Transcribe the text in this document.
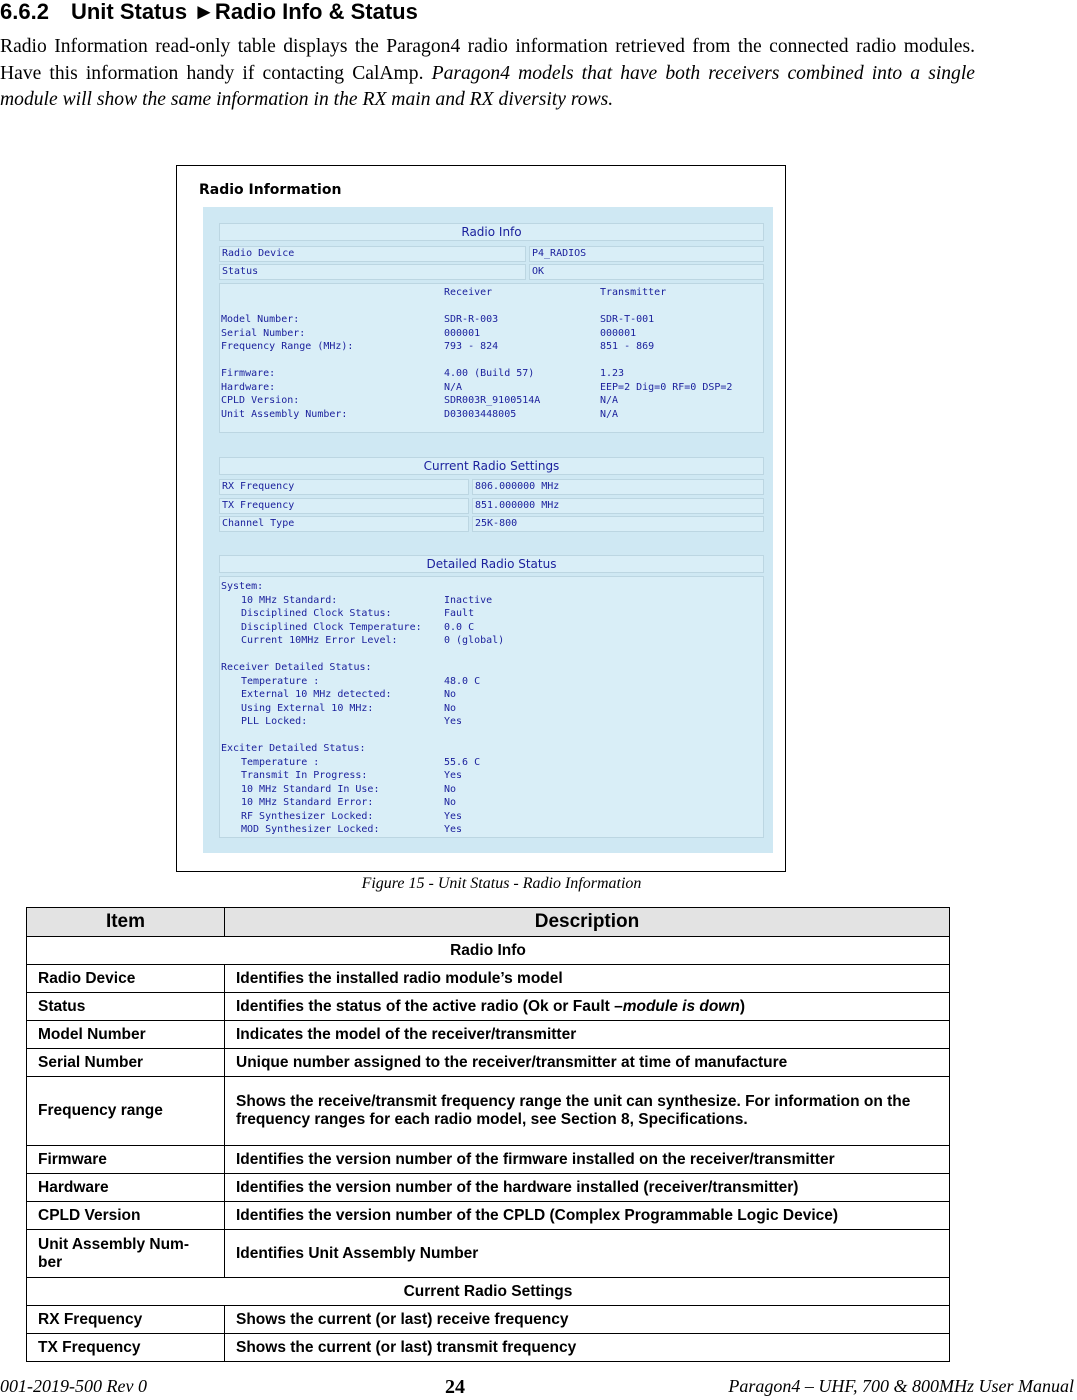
6.6.2 Unit Status ►Radio Info & Status
Radio Information read-only table displays the Paragon4 radio information retrieved from the connected radio modules. Have this information handy if contacting CalAmp. Paragon4 models that have both receivers combined into a single module will show the same information in the RX main and RX diversity rows.
Radio Information
Radio Info
Radio Device	P4_RADIOS
Status	OK
Receiver	Transmitter
Model Number:	SDR-R-003	SDR-T-001
Serial Number:	000001	000001
Frequency Range (MHz):	793 - 824	851 - 869
Firmware:	4.00 (Build 57)	1.23
Hardware:	N/A	EEP=2 Dig=0 RF=0 DSP=2
CPLD Version:	SDR003R_9100514A	N/A
Unit Assembly Number:	D03003448005	N/A
Current Radio Settings
RX Frequency	806.000000 MHz
TX Frequency	851.000000 MHz
Channel Type	25K-800
Detailed Radio Status
System:
10 MHz Standard:	Inactive
Disciplined Clock Status:	Fault
Disciplined Clock Temperature: 0.0 C
Current 10MHz Error Level:	0 (global)
Receiver Detailed Status:
Temperature :	48.0 C
External 10 MHz detected:	No
Using External 10 MHz:	No
PLL Locked:	Yes
Exciter Detailed Status:
Temperature :	55.6 C
Transmit In Progress:	Yes
10 MHz Standard In Use:	No
10 MHz Standard Error:	No
RF Synthesizer Locked:	Yes
MOD Synthesizer Locked:	Yes
Figure 15 - Unit Status - Radio Information
Item	Description
Radio Info	
Radio Device	Identifies the installed radio module’s model
Status	Identifies the status of the active radio (Ok or Fault –module is down)
Model Number	Indicates the model of the receiver/transmitter
Serial Number	Unique number assigned to the receiver/transmitter at time of manufacture
Frequency range	Shows the receive/transmit frequency range the unit can synthesize. For information on the frequency ranges for each radio model, see Section 8, Specifications.
Firmware	Identifies the version number of the firmware installed on the receiver/transmitter
Hardware	Identifies the version number of the hardware installed (receiver/transmitter)
CPLD Version	Identifies the version number of the CPLD (Complex Programmable Logic Device)
Unit Assembly Num-ber	Identifies Unit Assembly Number
Current Radio Settings	
RX Frequency	Shows the current (or last) receive frequency
TX Frequency	Shows the current (or last) transmit frequency
001-2019-500 Rev 0	24	Paragon4 – UHF, 700 & 800MHz User Manual
